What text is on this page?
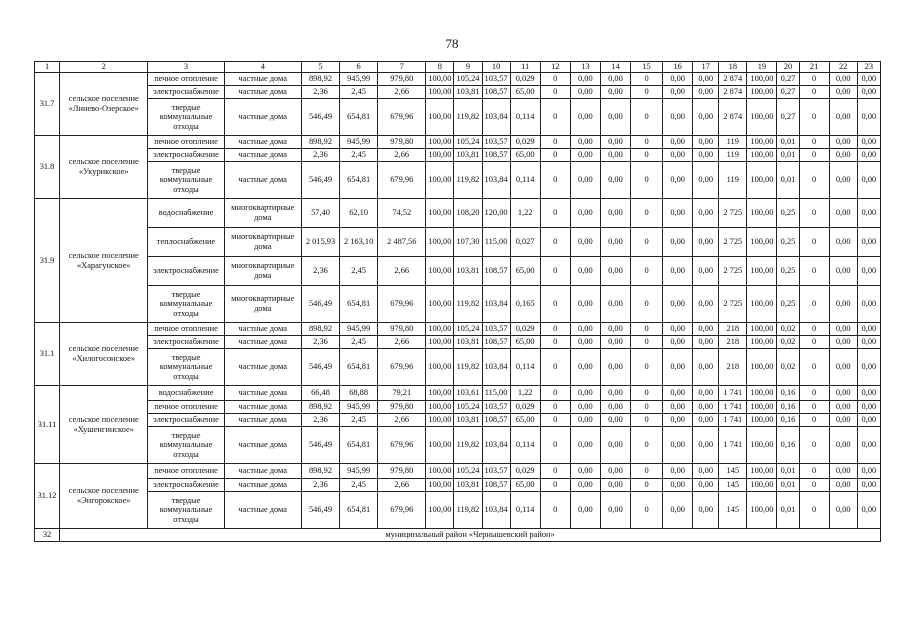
78
1	2	3	4	5	6	7	8	9	10	11	12	13	14	15	16	17	18	19	20	21	22	23
31.7	сельское поселение «Линево-Озерское»	печное отопление	частные дома	898,92	945,99	979,80	100,00	105,24	103,57	0,029	0	0,00	0,00	0	0,00	0,00	2 874	100,00	0,27	0	0,00	0,00
		электроснабжение	частные дома	2,36	2,45	2,66	100,00	103,81	108,57	65,00	0	0,00	0,00	0	0,00	0,00	2 874	100,00	0,27	0	0,00	0,00
		твердые коммунальные отходы	частные дома	546,49	654,81	679,96	100,00	119,82	103,84	0,114	0	0,00	0,00	0	0,00	0,00	2 874	100,00	0,27	0	0,00	0,00
31.8	сельское поселение «Укурикское»	печное отопление	частные дома	898,92	945,99	979,80	100,00	105,24	103,57	0,029	0	0,00	0,00	0	0,00	0,00	119	100,00	0,01	0	0,00	0,00
		электроснабжение	частные дома	2,36	2,45	2,66	100,00	103,81	108,57	65,00	0	0,00	0,00	0	0,00	0,00	119	100,00	0,01	0	0,00	0,00
		твердые коммунальные отходы	частные дома	546,49	654,81	679,96	100,00	119,82	103,84	0,114	0	0,00	0,00	0	0,00	0,00	119	100,00	0,01	0	0,00	0,00
31.9	сельское поселение «Харагунское»	водоснабжение	многоквартирные дома	57,40	62,10	74,52	100,00	108,20	120,00	1,22	0	0,00	0,00	0	0,00	0,00	2 725	100,00	0,25	0	0,00	0,00
		теплоснабжение	многоквартирные дома	2 015,93	2 163,10	2 487,56	100,00	107,30	115,00	0,027	0	0,00	0,00	0	0,00	0,00	2 725	100,00	0,25	0	0,00	0,00
		электроснабжение	многоквартирные дома	2,36	2,45	2,66	100,00	103,81	108,57	65,00	0	0,00	0,00	0	0,00	0,00	2 725	100,00	0,25	0	0,00	0,00
		твердые коммунальные отходы	многоквартирные дома	546,49	654,81	679,96	100,00	119,82	103,84	0,165	0	0,00	0,00	0	0,00	0,00	2 725	100,00	0,25	0	0,00	0,00
31.1	сельское поселение «Хилогосонское»	печное отопление	частные дома	898,92	945,99	979,80	100,00	105,24	103,57	0,029	0	0,00	0,00	0	0,00	0,00	218	100,00	0,02	0	0,00	0,00
		электроснабжение	частные дома	2,36	2,45	2,66	100,00	103,81	108,57	65,00	0	0,00	0,00	0	0,00	0,00	218	100,00	0,02	0	0,00	0,00
		твердые коммунальные отходы	частные дома	546,49	654,81	679,96	100,00	119,82	103,84	0,114	0	0,00	0,00	0	0,00	0,00	218	100,00	0,02	0	0,00	0,00
31.11	сельское поселение «Хушенгинское»	водоснабжение	частные дома	66,48	68,88	79,21	100,00	103,61	115,00	1,22	0	0,00	0,00	0	0,00	0,00	1 741	100,00	0,16	0	0,00	0,00
		печное отопление	частные дома	898,92	945,99	979,80	100,00	105,24	103,57	0,029	0	0,00	0,00	0	0,00	0,00	1 741	100,00	0,16	0	0,00	0,00
		электроснабжение	частные дома	2,36	2,45	2,66	100,00	103,81	108,57	65,00	0	0,00	0,00	0	0,00	0,00	1 741	100,00	0,16	0	0,00	0,00
		твердые коммунальные отходы	частные дома	546,49	654,81	679,96	100,00	119,82	103,84	0,114	0	0,00	0,00	0	0,00	0,00	1 741	100,00	0,16	0	0,00	0,00
31.12	сельское поселение «Энгорокское»	печное отопление	частные дома	898,92	945,99	979,80	100,00	105,24	103,57	0,029	0	0,00	0,00	0	0,00	0,00	145	100,00	0,01	0	0,00	0,00
		электроснабжение	частные дома	2,36	2,45	2,66	100,00	103,81	108,57	65,00	0	0,00	0,00	0	0,00	0,00	145	100,00	0,01	0	0,00	0,00
		твердые коммунальные отходы	частные дома	546,49	654,81	679,96	100,00	119,82	103,84	0,114	0	0,00	0,00	0	0,00	0,00	145	100,00	0,01	0	0,00	0,00
32	муниципальный район «Чернышевский район»																					
